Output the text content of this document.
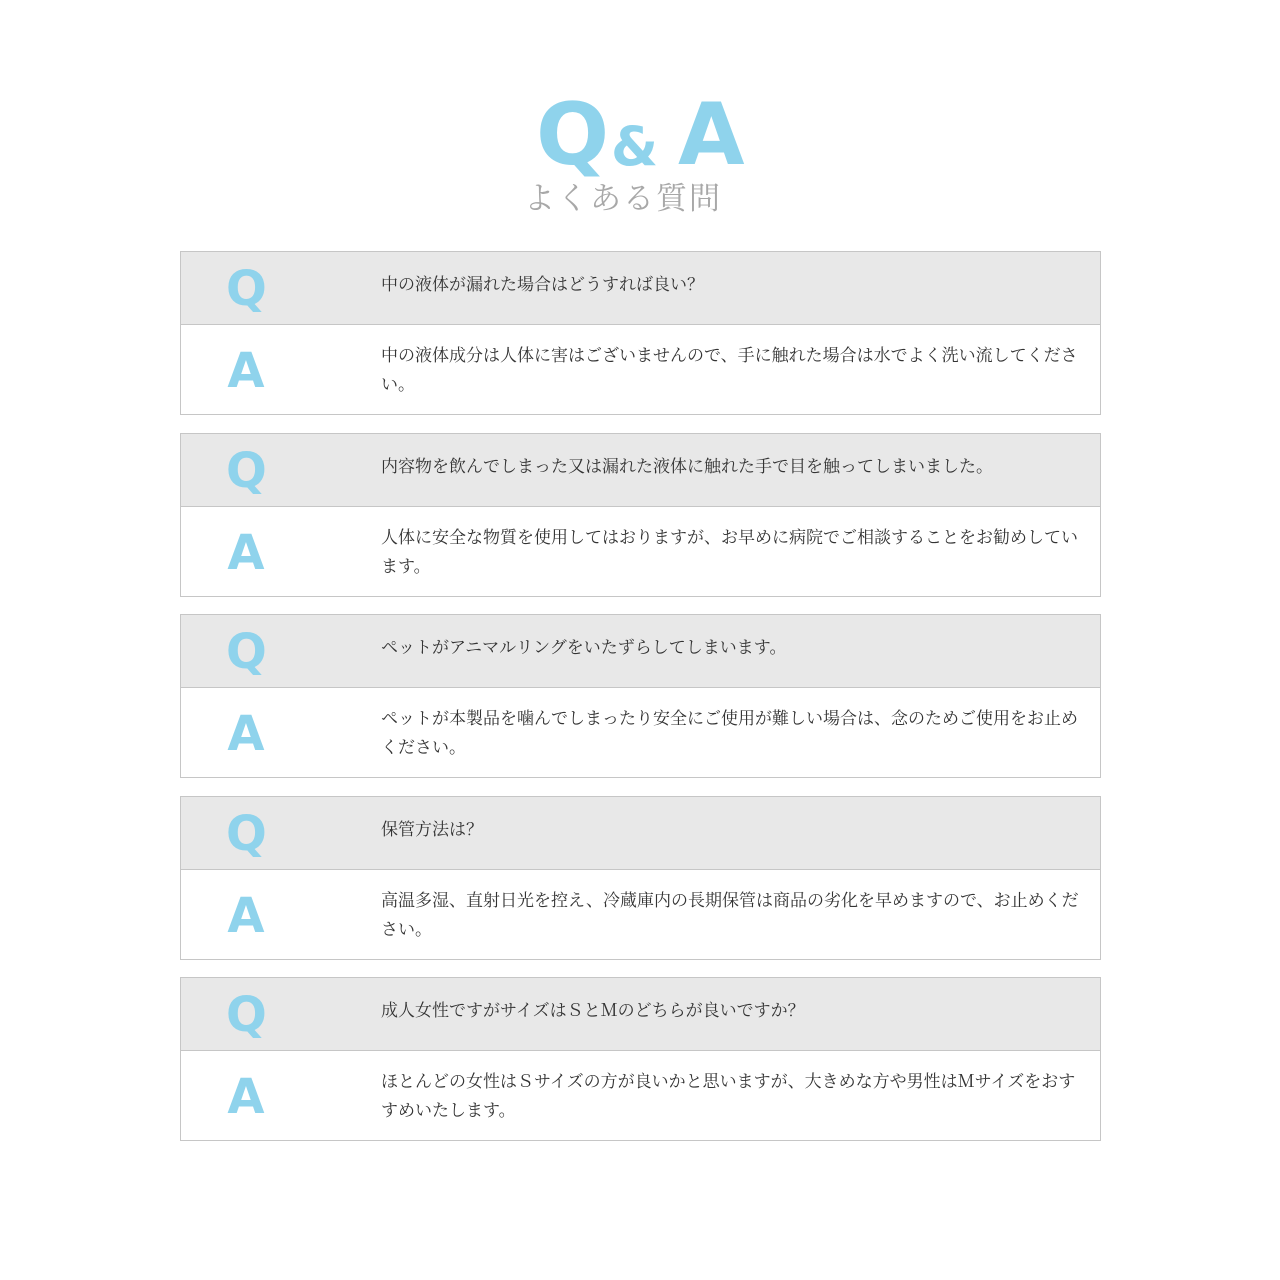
Q & A
よくある質問
Q	中の液体が漏れた場合はどうすれば良い？
A	中の液体成分は人体に害はございませんので、手に触れた場合は水でよく洗い流してください。
Q	内容物を飲んでしまった又は漏れた液体に触れた手で目を触ってしまいました。
A	人体に安全な物質を使用してはおりますが、お早めに病院でご相談することをお勧めしています。
Q	ペットがアニマルリングをいたずらしてしまいます。
A	ペットが本製品を噛んでしまったり安全にご使用が難しい場合は、念のためご使用をお止めください。
Q	保管方法は？
A	高温多湿、直射日光を控え、冷蔵庫内の長期保管は商品の劣化を早めますので、お止めください。
Q	成人女性ですがサイズはＳとＭのどちらが良いですか？
A	ほとんどの女性はＳサイズの方が良いかと思いますが、大きめな方や男性はＭサイズをおすすめいたします。
